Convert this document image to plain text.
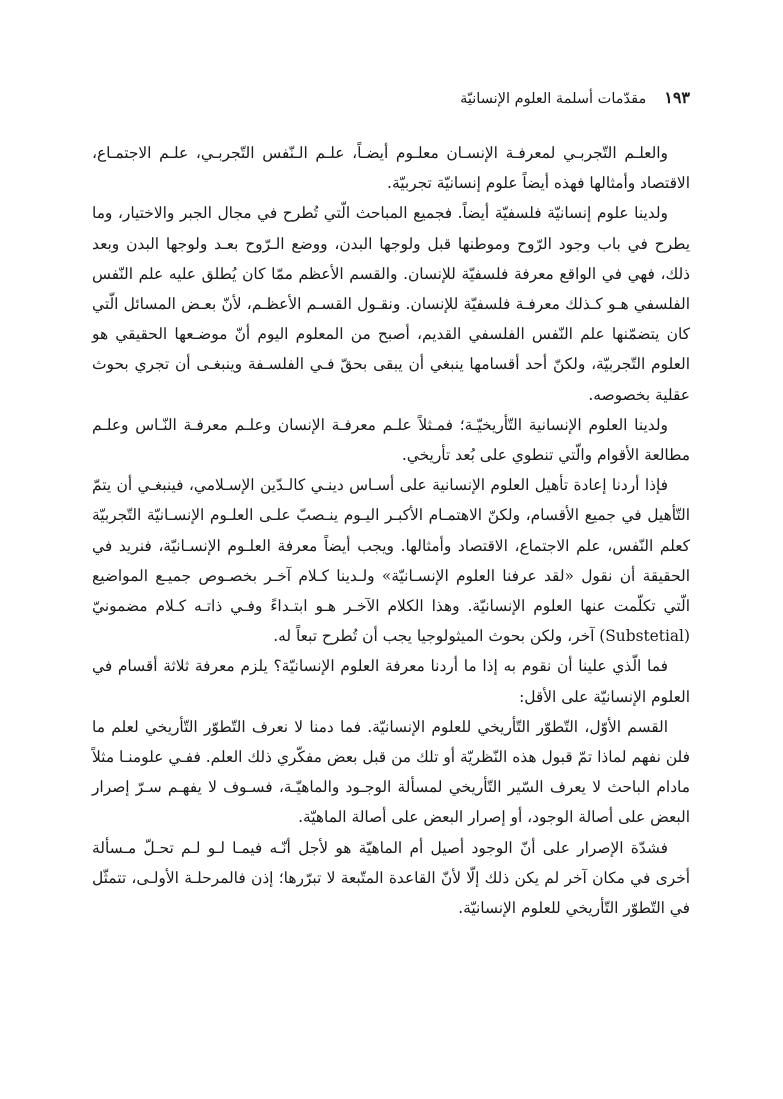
١٩٣
مقدّمات أسلمة العلوم الإنسانيّة

والعلـم التّجربـي لمعرفـة الإنسـان معلـوم أيضـاً، علـم الـنّفس التّجربـي، علـم الاجتمـاع، الاقتصاد وأمثالها فهذه أيضاً علوم إنسانيّة تجربيّة.

ولدينا علوم إنسانيّة فلسفيّة أيضاً. فجميع المباحث الّتي تُطرح في مجال الجبر والاختيار، وما يطرح في باب وجود الرّوح وموطنها قبل ولوجها البدن، ووضع الـرّوح بعـد ولوجها البدن وبعد ذلك، فهي في الواقع معرفة فلسفيّة للإنسان. والقسم الأعظم ممّا كان يُطلق عليه علم النّفس الفلسفي هـو كـذلك معرفـة فلسفيّة للإنسان. ونقـول القسـم الأعظـم، لأنّ بعـض المسائل الّتي كان يتضمّنها علم النّفس الفلسفي القديم، أصبح من المعلوم اليوم أنّ موضـعها الحقيقي هو العلوم التّجربيّة، ولكنّ أحد أقسامها ينبغي أن يبقى بحقّ فـي الفلسـفة وينبغـى أن تجري بحوث عقلية بخصوصه.

ولدينا العلوم الإنسانية التّأريخيّـة؛ فمـثلاً علـم معرفـة الإنسان وعلـم معرفـة النّـاس وعلـم مطالعة الأقوام والّتي تنطوي على بُعد تأريخي.

فإذا أردنا إعادة تأهيل العلوم الإنسانية على أسـاس دينـي كالـدّين الإسـلامي، فينبغـي أن يتمّ التّأهيل في جميع الأقسام، ولكنّ الاهتمـام الأكبـر اليـوم ينـصبّ علـى العلـوم الإنسـانيّة التّجربيّة كعلم النّفس، علم الاجتماع، الاقتصاد وأمثالها. ويجب أيضاً معرفة العلـوم الإنسـانيّة، فنريد في الحقيقة أن نقول «لقد عرفنا العلوم الإنسـانيّة» ولـدينا كـلام آخـر بخصـوص جميـع المواضيع الّتي تكلّمت عنها العلوم الإنسانيّة. وهذا الكلام الآخـر هـو ابتـداءً وفـي ذاتـه كـلام مضمونيّ (Substetial) آخر، ولكن بحوث الميثولوجيا يجب أن تُطرح تبعاً له.

فما الّذي علينا أن نقوم به إذا ما أردنا معرفة العلوم الإنسانيّة؟ يلزم معرفة ثلاثة أقسام في العلوم الإنسانيّة على الأقل:

القسم الأوّل، التّطوّر التّأريخي للعلوم الإنسانيّة. فما دمنا لا نعرف التّطوّر التّأريخي لعلم ما فلن نفهم لماذا تمّ قبول هذه النّظريّة أو تلك من قبل بعض مفكّري ذلك العلم. ففـي علومنـا مثلاً مادام الباحث لا يعرف السّير التّأريخي لمسألة الوجـود والماهيّـة، فسـوف لا يفهـم سـرّ إصرار البعض على أصالة الوجود، أو إصرار البعض على أصالة الماهيّة.

فشدّة الإصرار على أنّ الوجود أصيل أم الماهيّة هو لأجل أنّـه فيمـا لـو لـم تحـلّ مـسألة أخرى في مكان آخر لم يكن ذلك إلّا لأنّ القاعدة المتّبعة لا تبرّرها؛ إذن فالمرحلـة الأولـى، تتمثّل في التّطوّر التّأريخي للعلوم الإنسانيّة.
